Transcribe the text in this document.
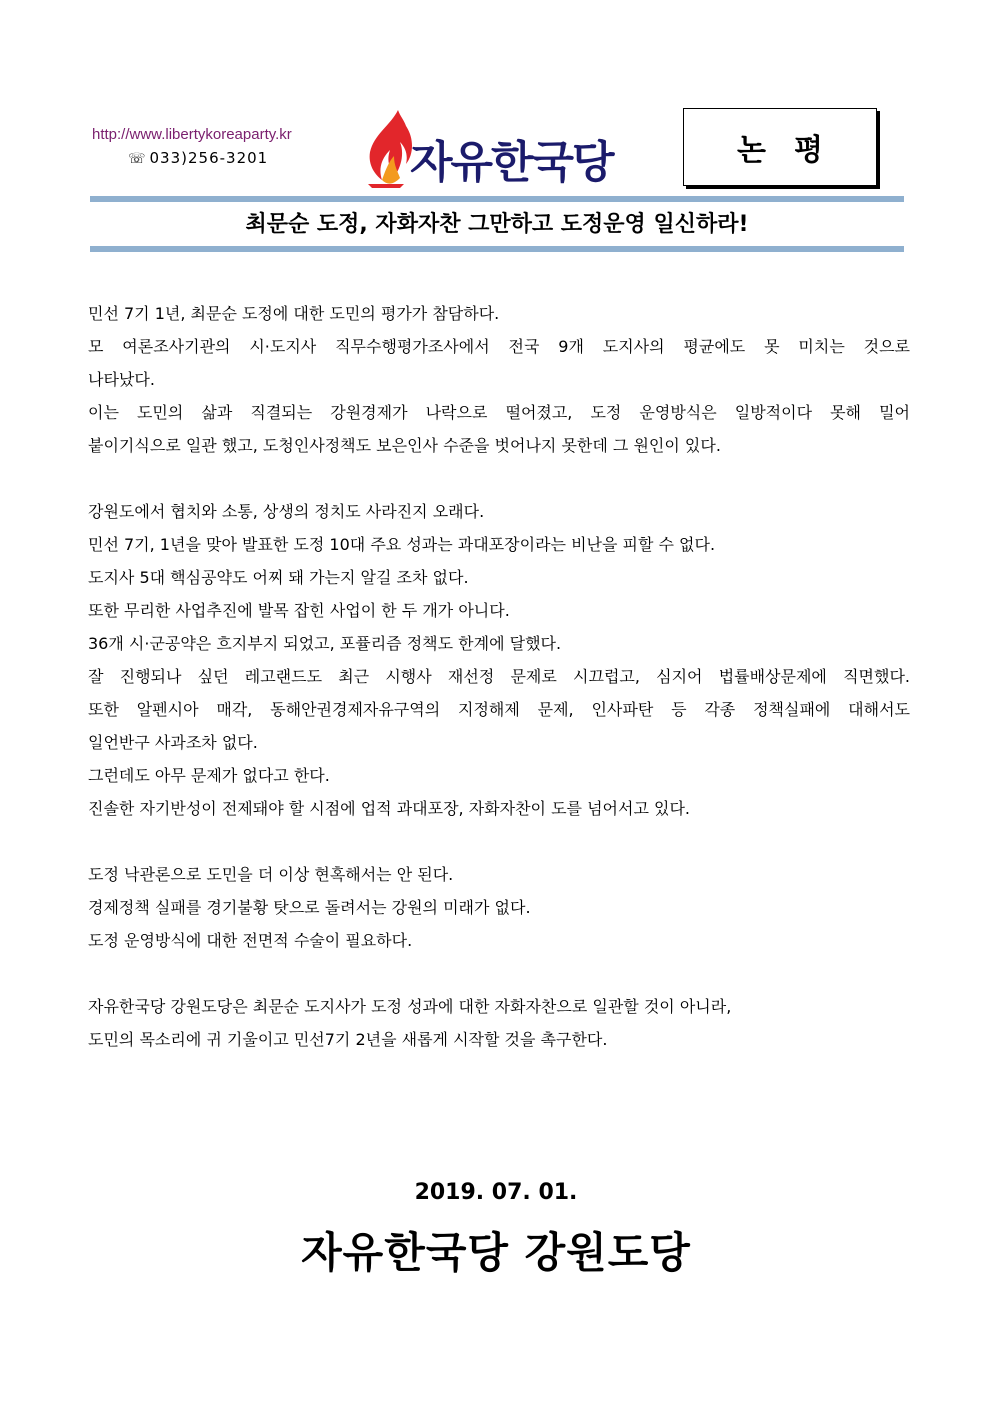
http://www.libertykoreaparty.kr
☏ 033)256-3201	자유한국당	논평
최문순 도정, 자화자찬 그만하고 도정운영 일신하라!
민선 7기 1년, 최문순 도정에 대한 도민의 평가가 참담하다.
모 여론조사기관의 시·도지사 직무수행평가조사에서 전국 9개 도지사의 평균에도 못 미치는 것으로
나타났다.
이는 도민의 삶과 직결되는 강원경제가 나락으로 떨어졌고, 도정 운영방식은 일방적이다 못해 밀어
붙이기식으로 일관 했고, 도청인사정책도 보은인사 수준을 벗어나지 못한데 그 원인이 있다.
강원도에서 협치와 소통, 상생의 정치도 사라진지 오래다.
민선 7기, 1년을 맞아 발표한 도정 10대 주요 성과는 과대포장이라는 비난을 피할 수 없다.
도지사 5대 핵심공약도 어찌 돼 가는지 알길 조차 없다.
또한 무리한 사업추진에 발목 잡힌 사업이 한 두 개가 아니다.
36개 시·군공약은 흐지부지 되었고, 포퓰리즘 정책도 한계에 달했다.
잘 진행되나 싶던 레고랜드도 최근 시행사 재선정 문제로 시끄럽고, 심지어 법률배상문제에 직면했다.
또한 알펜시아 매각, 동해안권경제자유구역의 지정해제 문제, 인사파탄 등 각종 정책실패에 대해서도
일언반구 사과조차 없다.
그런데도 아무 문제가 없다고 한다.
진솔한 자기반성이 전제돼야 할 시점에 업적 과대포장, 자화자찬이 도를 넘어서고 있다.
도정 낙관론으로 도민을 더 이상 현혹해서는 안 된다.
경제정책 실패를 경기불황 탓으로 돌려서는 강원의 미래가 없다.
도정 운영방식에 대한 전면적 수술이 필요하다.
자유한국당 강원도당은 최문순 도지사가 도정 성과에 대한 자화자찬으로 일관할 것이 아니라,
도민의 목소리에 귀 기울이고 민선7기 2년을 새롭게 시작할 것을 촉구한다.
2019. 07. 01.
자유한국당 강원도당
